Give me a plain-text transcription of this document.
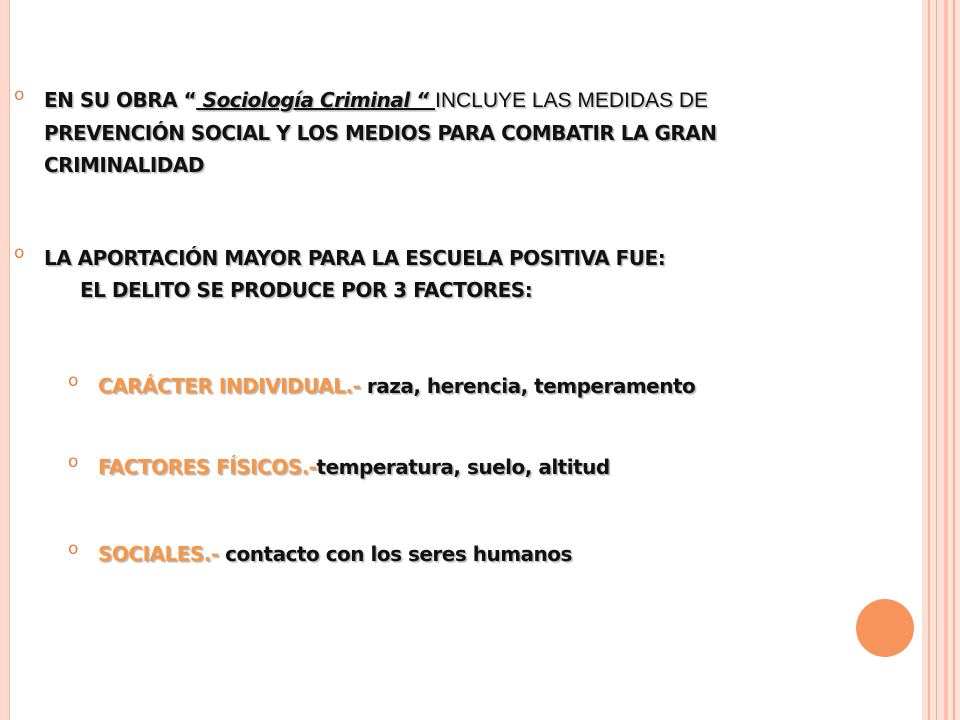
o EN SU OBRA “ Sociología Criminal “ INCLUYE LAS MEDIDAS DE
PREVENCIÓN SOCIAL Y LOS MEDIOS PARA COMBATIR LA GRAN
CRIMINALIDAD
o LA APORTACIÓN MAYOR PARA LA ESCUELA POSITIVA FUE:
EL DELITO SE PRODUCE POR 3 FACTORES:
o CARÁCTER INDIVIDUAL.- raza, herencia, temperamento
o FACTORES FÍSICOS.-temperatura, suelo, altitud
o SOCIALES.- contacto con los seres humanos
